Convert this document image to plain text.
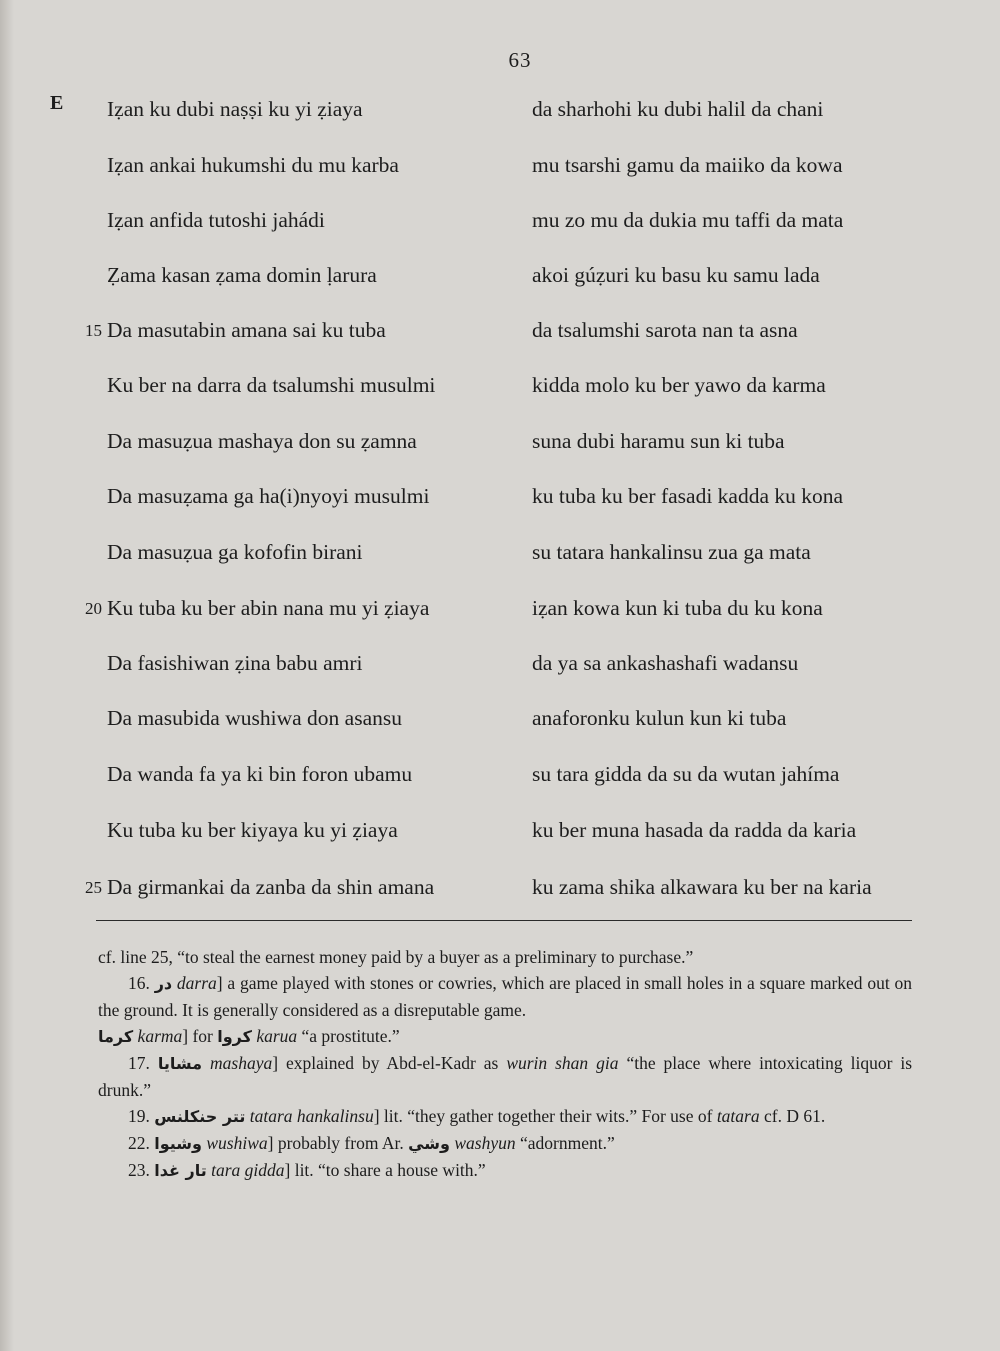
63
E Iẓan ku dubi naṣṣi ku yi ẓiaya	da sharhohi ku dubi halil da chani
Iẓan ankai hukumshi du mu karba	mu tsarshi gamu da maiiko da kowa
Iẓan anfida tutoshi jahádi	mu zo mu da dukia mu taffi da mata
Ẓama kasan ẓama domin ḷarura	akoi gúẓuri ku basu ku samu lada
15 Da masutabin amana sai ku tuba	da tsalumshi sarota nan ta asna
Ku ber na darra da tsalumshi musulmi	kidda molo ku ber yawo da karma
Da masuẓua mashaya don su ẓamna	suna dubi haramu sun ki tuba
Da masuẓama ga ha(i)nyoyi musulmi	ku tuba ku ber fasadi kadda ku kona
Da masuẓua ga kofofin birani	su tatara hankalinsu zua ga mata
20 Ku tuba ku ber abin nana mu yi ẓiaya	iẓan kowa kun ki tuba du ku kona
Da fasishiwan ẓina babu amri	da ya sa ankashashafi wadansu
Da masubida wushiwa don asansu	anaforonku kulun kun ki tuba
Da wanda fa ya ki bin foron ubamu	su tara gidda da su da wutan jahíma
Ku tuba ku ber kiyaya ku yi ẓiaya	ku ber muna hasada da radda da karia
25 Da girmankai da zanba da shin amana	ku zama shika alkawara ku ber na karia

cf. line 25, “to steal the earnest money paid by a buyer as a preliminary to purchase.”

16. در darra] a game played with stones or cowries, which are placed in small holes in a square marked out on the ground. It is generally considered as a disreputable game.

كرما karma] for كروا karua “a prostitute.”

17. مشايا mashaya] explained by Abd-el-Kadr as wurin shan gia “the place where intoxicating liquor is drunk.”

19. تتر حنكلنس tatara hankalinsu] lit. “they gather together their wits.” For use of tatara cf. D 61.

22. وشيوا wushiwa] probably from Ar. وشي washyun “adornment.”

23. تار غدا tara gidda] lit. “to share a house with.”
